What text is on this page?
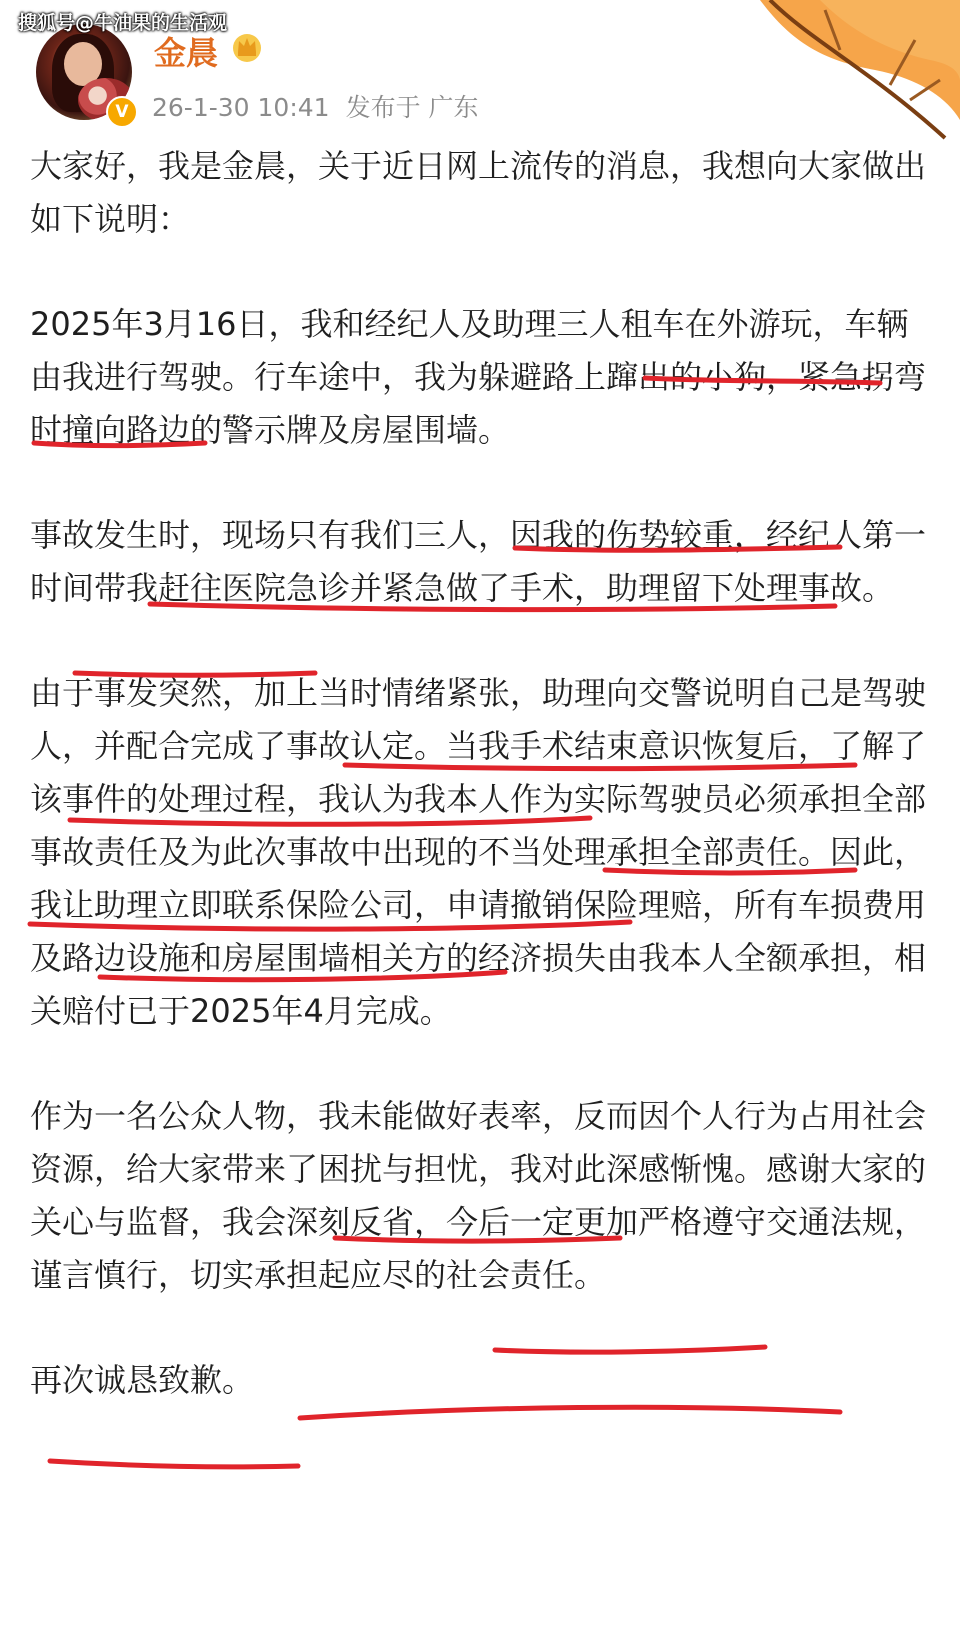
搜狐号@牛油果的生活观
V
金晨
26-1-30 10:41 发布于 广东

大家好，我是金晨，关于近日网上流传的消息，我想向大家做出如下说明：

2025年3月16日，我和经纪人及助理三人租车在外游玩，车辆由我进行驾驶。行车途中，我为躲避路上蹿出的小狗，紧急拐弯时撞向路边的警示牌及房屋围墙。

事故发生时，现场只有我们三人，因我的伤势较重，经纪人第一时间带我赶往医院急诊并紧急做了手术，助理留下处理事故。

由于事发突然，加上当时情绪紧张，助理向交警说明自己是驾驶人，并配合完成了事故认定。当我手术结束意识恢复后，了解了该事件的处理过程，我认为我本人作为实际驾驶员必须承担全部事故责任及为此次事故中出现的不当处理承担全部责任。因此，我让助理立即联系保险公司，申请撤销保险理赔，所有车损费用及路边设施和房屋围墙相关方的经济损失由我本人全额承担，相关赔付已于2025年4月完成。

作为一名公众人物，我未能做好表率，反而因个人行为占用社会资源，给大家带来了困扰与担忧，我对此深感惭愧。感谢大家的关心与监督，我会深刻反省，今后一定更加严格遵守交通法规，谨言慎行，切实承担起应尽的社会责任。

再次诚恳致歉。
